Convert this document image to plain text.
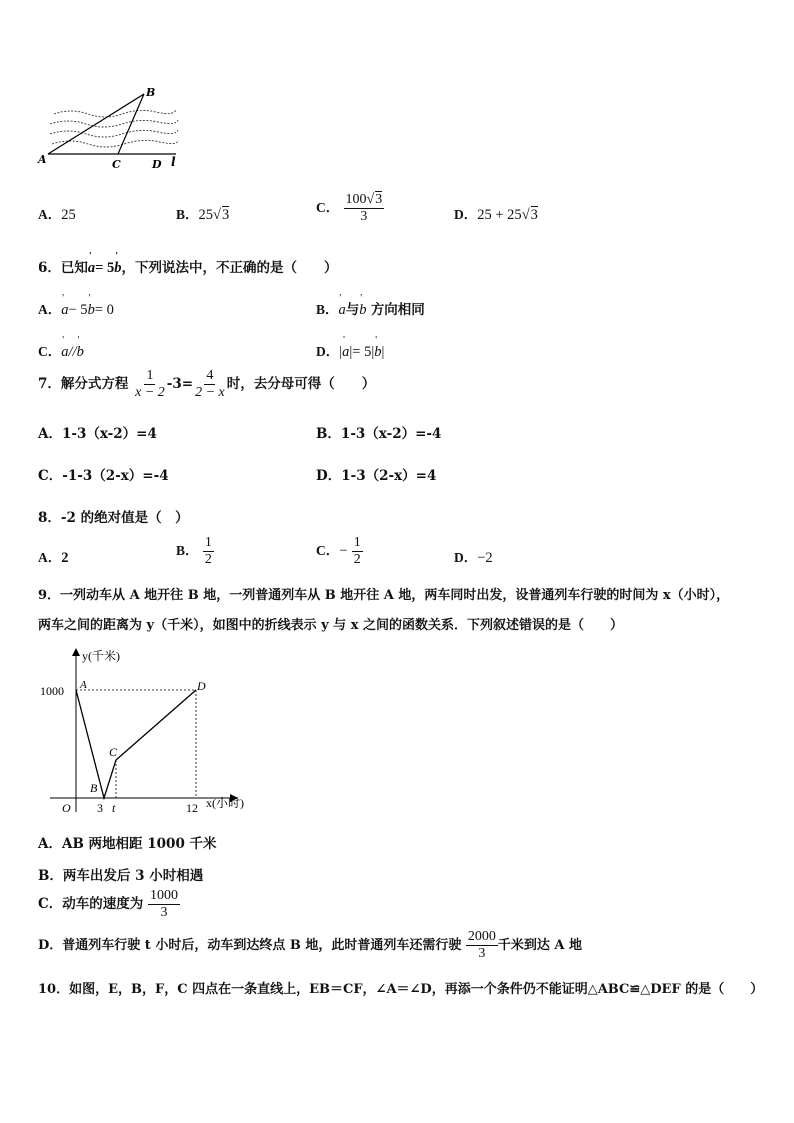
A
B
C	D l
A．25	B．25√3	C． $\frac{100√3}{3}$	D．25 + 25√3
6．已知' a= 5' b，下列说法中，不正确的是（　　）
A．' a− 5' b= 0	B．' a与' b 方向相同
C．' a//' b	D．|' a|= 5|' b|
7．解分式方程 $\frac{1}{x - 2} -3= \frac{4}{2 - x}$ 时，去分母可得（　　）
A．1-3（x-2）=4	B．1-3（x-2）=-4
C．-1-3（2-x）=-4	D．1-3（2-x）=4
8．-2 的绝对值是（　）
A．2	B． $\frac{1}{2}$	C．− $\frac{1}{2}$	D．−2
9．一列动车从 A 地开往 B 地，一列普通列车从 B 地开往 A 地，两车同时出发，设普通列车行驶的时间为 x（小时），
两车之间的距离为 y（千米），如图中的折线表示 y 与 x 之间的函数关系．下列叙述错误的是（　　）
y(千米)
x(小时)
O
1000
3 t	12
A
B
C
D
A．AB 两地相距 1000 千米
B．两车出发后 3 小时相遇
C．动车的速度为 $\frac{1000}{3}$
D．普通列车行驶 t 小时后，动车到达终点 B 地，此时普通列车还需行驶 $\frac{2000}{3}$ 千米到达 A 地
10．如图，E，B，F，C 四点在一条直线上，EB＝CF，∠A＝∠D，再添一个条件仍不能证明△ABC≌△DEF 的是（　　）
